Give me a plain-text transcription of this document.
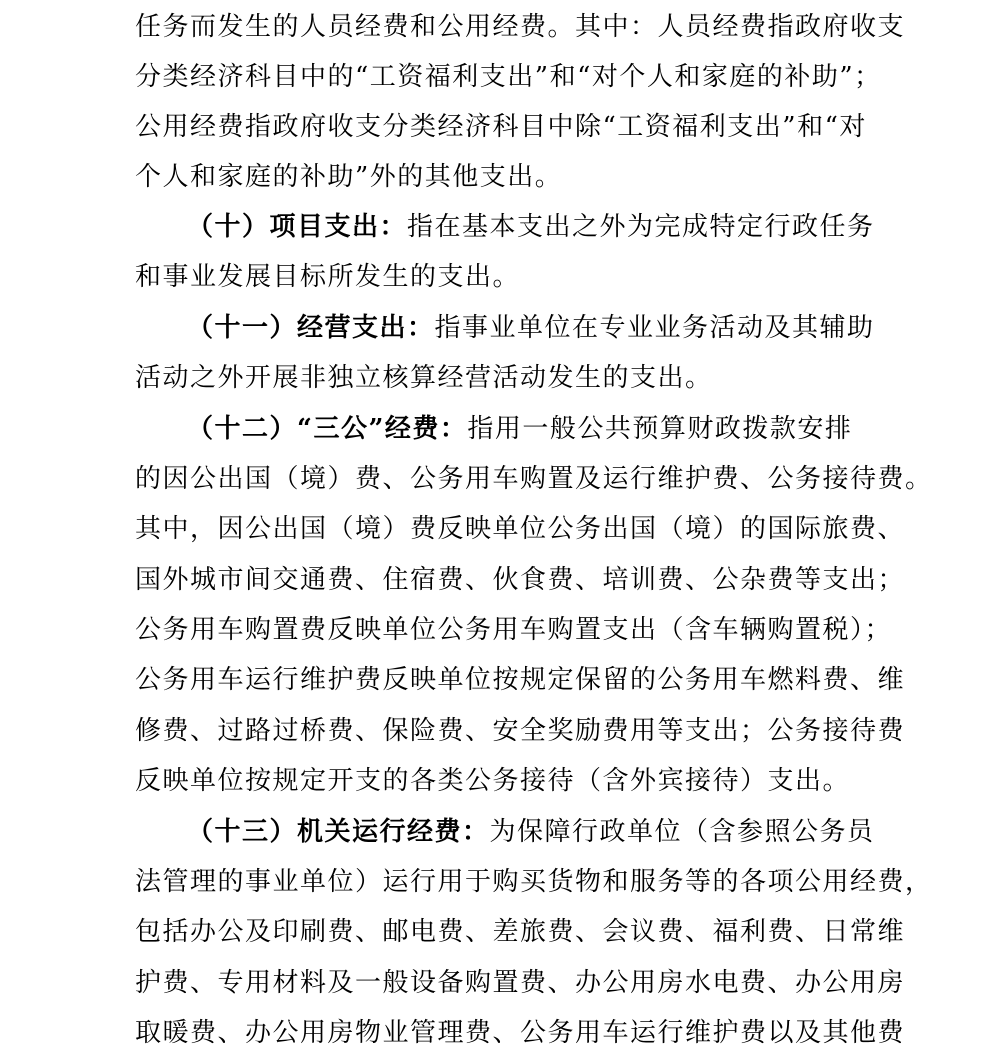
任务而发生的人员经费和公用经费。其中：人员经费指政府收支
分类经济科目中的“工资福利支出”和“对个人和家庭的补助”；
公用经费指政府收支分类经济科目中除“工资福利支出”和“对
个人和家庭的补助”外的其他支出。
（十）项目支出：指在基本支出之外为完成特定行政任务
和事业发展目标所发生的支出。
（十一）经营支出：指事业单位在专业业务活动及其辅助
活动之外开展非独立核算经营活动发生的支出。
（十二）“三公”经费：指用一般公共预算财政拨款安排
的因公出国（境）费、公务用车购置及运行维护费、公务接待费。
其中，因公出国（境）费反映单位公务出国（境）的国际旅费、
国外城市间交通费、住宿费、伙食费、培训费、公杂费等支出；
公务用车购置费反映单位公务用车购置支出（含车辆购置税）；
公务用车运行维护费反映单位按规定保留的公务用车燃料费、维
修费、过路过桥费、保险费、安全奖励费用等支出；公务接待费
反映单位按规定开支的各类公务接待（含外宾接待）支出。
（十三）机关运行经费：为保障行政单位（含参照公务员
法管理的事业单位）运行用于购买货物和服务等的各项公用经费，
包括办公及印刷费、邮电费、差旅费、会议费、福利费、日常维
护费、专用材料及一般设备购置费、办公用房水电费、办公用房
取暖费、办公用房物业管理费、公务用车运行维护费以及其他费
